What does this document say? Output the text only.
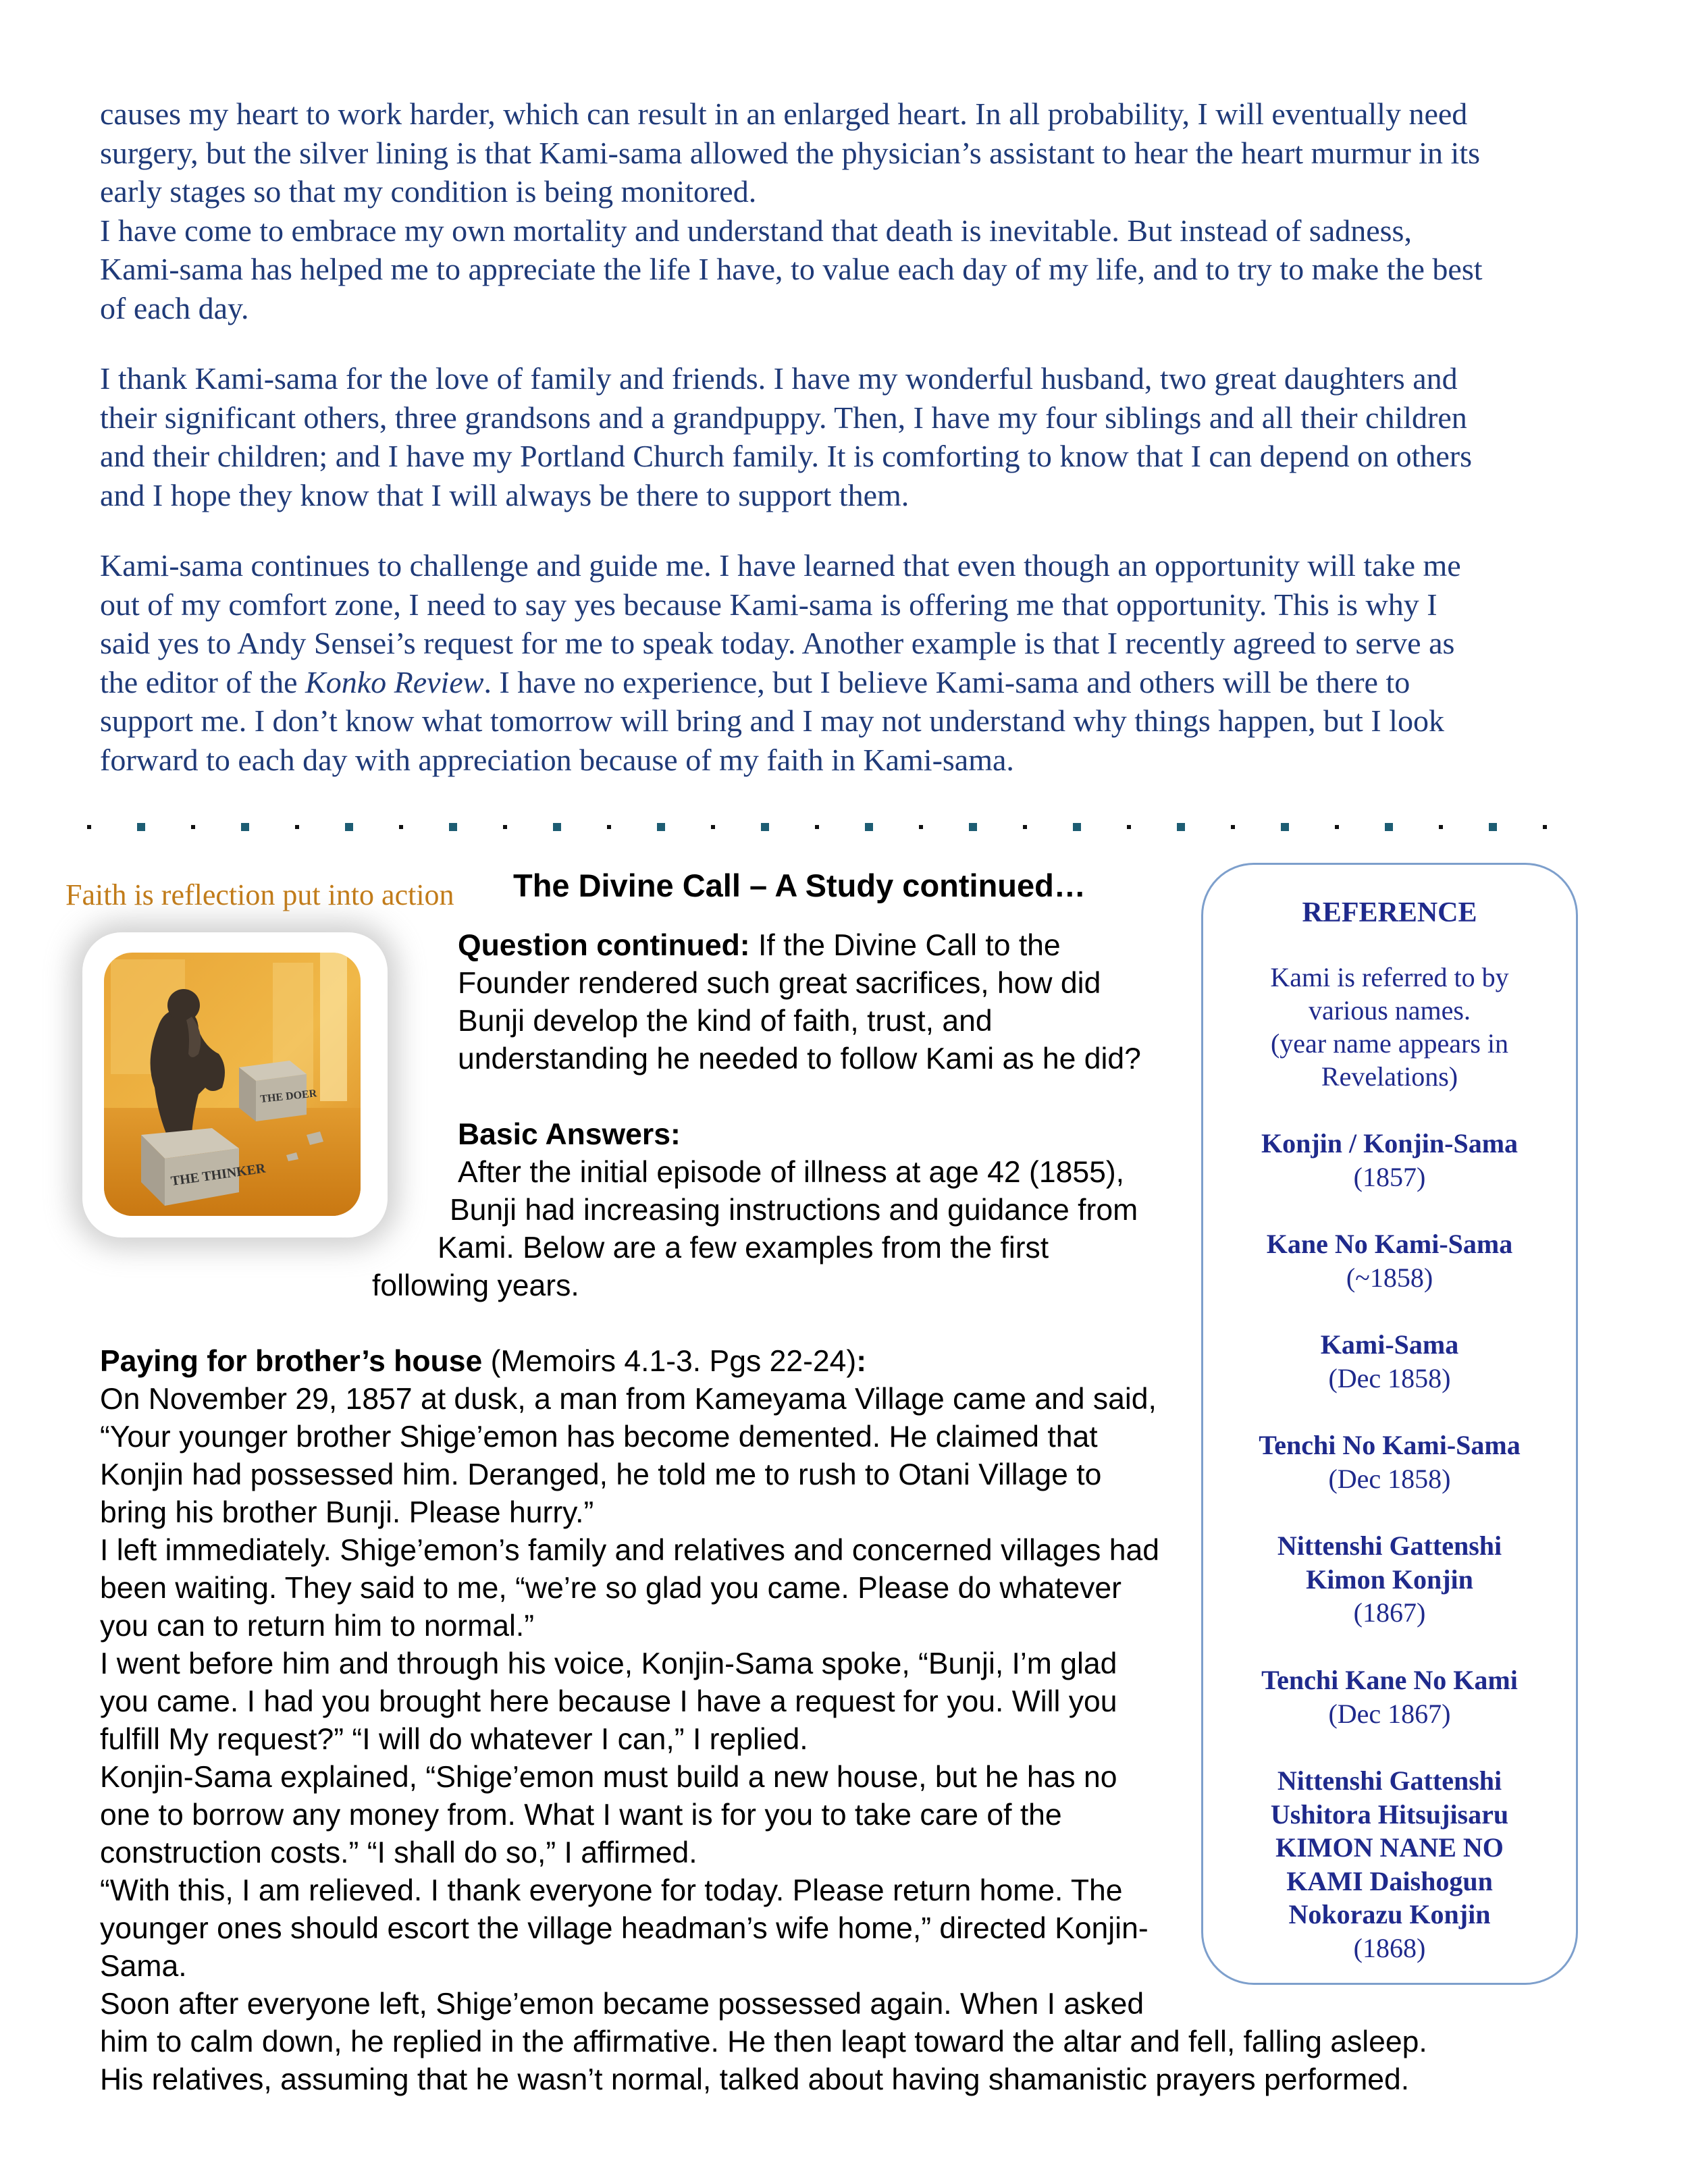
causes my heart to work harder, which can result in an enlarged heart. In all probability, I will eventually need
surgery, but the silver lining is that Kami-sama allowed the physician’s assistant to hear the heart murmur in its
early stages so that my condition is being monitored.
I have come to embrace my own mortality and understand that death is inevitable. But instead of sadness,
Kami-sama has helped me to appreciate the life I have, to value each day of my life, and to try to make the best
of each day.

I thank Kami-sama for the love of family and friends. I have my wonderful husband, two great daughters and
their significant others, three grandsons and a grandpuppy. Then, I have my four siblings and all their children
and their children; and I have my Portland Church family. It is comforting to know that I can depend on others
and I hope they know that I will always be there to support them.

Kami-sama continues to challenge and guide me. I have learned that even though an opportunity will take me
out of my comfort zone, I need to say yes because Kami-sama is offering me that opportunity. This is why I
said yes to Andy Sensei’s request for me to speak today. Another example is that I recently agreed to serve as
the editor of the Konko Review. I have no experience, but I believe Kami-sama and others will be there to
support me. I don’t know what tomorrow will bring and I may not understand why things happen, but I look
forward to each day with appreciation because of my faith in Kami-sama.

Faith is reflection put into action The Divine Call – A Study continued…
THE DOER
THE THINKER
Question continued: If the Divine Call to the
Founder rendered such great sacrifices, how did
Bunji develop the kind of faith, trust, and
understanding he needed to follow Kami as he did?
Basic Answers:
After the initial episode of illness at age 42 (1855),
Bunji had increasing instructions and guidance from
Kami. Below are a few examples from the first
following years.
Paying for brother’s house (Memoirs 4.1-3. Pgs 22-24):
On November 29, 1857 at dusk, a man from Kameyama Village came and said,
“Your younger brother Shige’emon has become demented. He claimed that
Konjin had possessed him. Deranged, he told me to rush to Otani Village to
bring his brother Bunji. Please hurry.”
I left immediately. Shige’emon’s family and relatives and concerned villages had
been waiting. They said to me, “we’re so glad you came. Please do whatever
you can to return him to normal.”
I went before him and through his voice, Konjin-Sama spoke, “Bunji, I’m glad
you came. I had you brought here because I have a request for you. Will you
fulfill My request?” “I will do whatever I can,” I replied.
Konjin-Sama explained, “Shige’emon must build a new house, but he has no
one to borrow any money from. What I want is for you to take care of the
construction costs.” “I shall do so,” I affirmed.
“With this, I am relieved. I thank everyone for today. Please return home. The
younger ones should escort the village headman’s wife home,” directed Konjin-
Sama.
Soon after everyone left, Shige’emon became possessed again. When I asked
him to calm down, he replied in the affirmative. He then leapt toward the altar and fell, falling asleep.
His relatives, assuming that he wasn’t normal, talked about having shamanistic prayers performed.
REFERENCE
Kami is referred to by
various names.
(year name appears in
Revelations)
Konjin / Konjin-Sama
(1857)
Kane No Kami-Sama
(~1858)
Kami-Sama
(Dec 1858)
Tenchi No Kami-Sama
(Dec 1858)
Nittenshi Gattenshi
Kimon Konjin
(1867)
Tenchi Kane No Kami
(Dec 1867)
Nittenshi Gattenshi
Ushitora Hitsujisaru
KIMON NANE NO
KAMI Daishogun
Nokorazu Konjin
(1868)
